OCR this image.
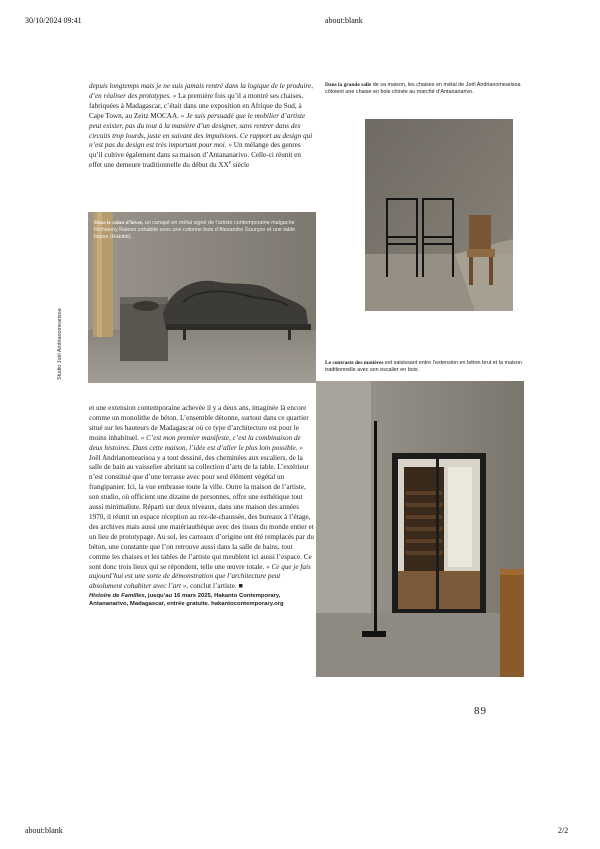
30/10/2024 09:41	about:blank
about:blank	2/2

depuis longtemps mais je ne suis jamais rentré dans la logique de le produire, d’en réaliser des prototypes. » La première fois qu’il a montré ses chaises, fabriquées à Madagascar, c’était dans une exposition en Afrique du Sud, à Cape Town, au Zeitz MOCAA. « Je suis persuadé que le mobilier d’artiste peut exister, pas du tout à la manière d’un designer, sans rentrer dans des circuits trop lourds, juste en suivant des impulsions. Ce rapport au design qui n’est pas du design est très important pour moi. » Un mélange des genres qu’il cultive également dans sa maison d’Antananarivo. Celle-ci réunit en effet une demeure traditionnelle du début du XXe siècle

Studio Joël Andrianomearisoa
Dans le salon d’hiver, un canapé en métal signé de l’artiste contemporaine malgache Richianny Ratovo cohabite avec une colonne bois d’Alexandre Gourçon et une table basse (Habitat).
Dans la grande salle de sa maison, les chaises en métal de Joël Andrianomearisoa côtoient une chaise en bois chinée au marché d’Antananarivo.
Le contraste des matières est saisissant entre l’extension en béton brut et la maison traditionnelle avec son escalier en bois.

et une extension contemporaine achevée il y a deux ans, imaginée là encore comme un monolithe de béton. L’ensemble détonne, surtout dans ce quartier situé sur les hauteurs de Madagascar où ce type d’architecture est pour le moins inhabituel. « C’est mon premier manifeste, c’est la combinaison de deux histoires. Dans cette maison, l’idée est d’aller le plus loin possible. » Joël Andrianomearisoa y a tout dessiné, des cheminées aux escaliers, de la salle de bain au vaisselier abritant sa collection d’arts de la table. L’extérieur n’est constitué que d’une terrasse avec pour seul élément végétal un frangipanier. Ici, la vue embrasse toute la ville. Outre la maison de l’artiste, son studio, où officient une dizaine de personnes, offre une esthétique tout aussi minimaliste. Réparti sur deux niveaux, dans une maison des années 1970, il réunit un espace réception au rez-de-chaussée, des bureaux à l’étage, des archives mais aussi une matériauthèque avec des tissus du monde entier et un lieu de prototypage. Au sol, les carreaux d’origine ont été remplacés par du béton, une constante que l’on retrouve aussi dans la salle de bains, tout comme les chaises et les tables de l’artiste qui meublent ici aussi l’espace. Ce sont donc trois lieux qui se répondent, telle une œuvre totale. « Ce que je fais aujourd’hui est une sorte de démonstration que l’architecture peut absolument cohabiter avec l’art », conclut l’artiste. ■

Histoire de Familles, jusqu’au 16 mars 2025, Hakanto Contemporary, Antananarivo, Madagascar, entrée gratuite. hakantocontemporary.org

89
